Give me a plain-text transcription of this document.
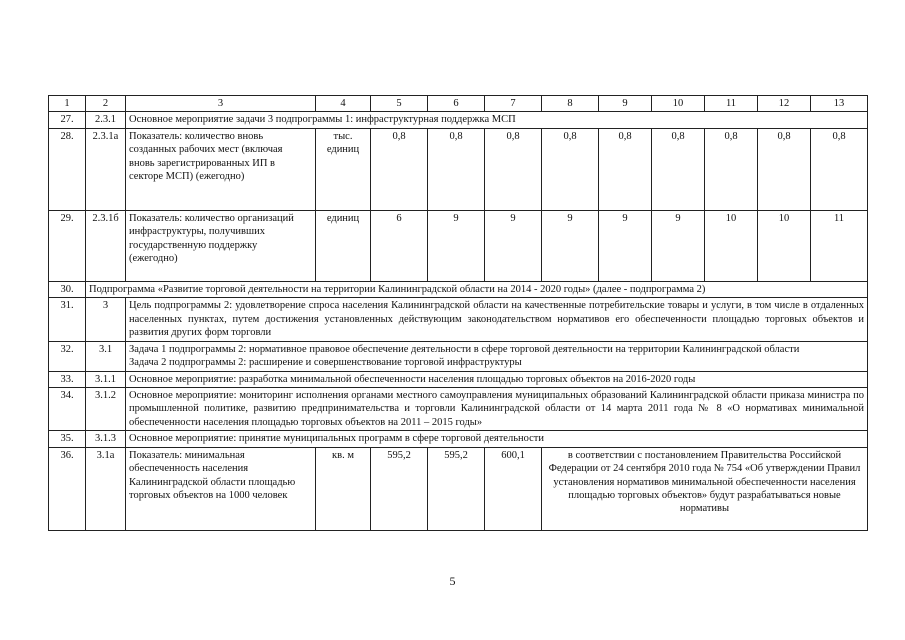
1	2	3	4	5	6	7	8	9	10	11	12	13
27.	2.3.1	Основное мероприятие задачи 3 подпрограммы 1: инфраструктурная поддержка МСП										
28.	2.3.1а	Показатель: количество вновь созданных рабочих мест (включая вновь зарегистрированных ИП в секторе МСП) (ежегодно)	тыс. единиц	0,8	0,8	0,8	0,8	0,8	0,8	0,8	0,8	0,8
29.	2.3.1б	Показатель: количество организаций инфраструктуры, получивших государственную поддержку (ежегодно)	единиц	6	9	9	9	9	9	10	10	11
30.	Подпрограмма «Развитие торговой деятельности на территории Калининградской области на 2014 - 2020 годы» (далее - подпрограмма 2)											
31.	3	Цель подпрограммы 2: удовлетворение спроса населения Калининградской области на качественные потребительские товары и услуги, в том числе в отдаленных населенных пунктах, путем достижения установленных действующим законодательством нормативов его обеспеченности площадью торговых объектов и развития других форм торговли										
32.	3.1	Задача 1 подпрограммы 2: нормативное правовое обеспечение деятельности в сфере торговой деятельности на территории Калининградской области
Задача 2 подпрограммы 2: расширение и совершенствование торговой инфраструктуры										

33.	3.1.1	Основное мероприятие: разработка минимальной обеспеченности населения площадью торговых объектов на 2016-2020 годы										
34.	3.1.2	Основное мероприятие: мониторинг исполнения органами местного самоуправления муниципальных образований Калининградской области приказа министра по промышленной политике, развитию предпринимательства и торговли Калининградской области от 14 марта 2011 года № 8 «О нормативах минимальной обеспеченности населения площадью торговых объектов на 2011 – 2015 годы»										
35.	3.1.3	Основное мероприятие: принятие муниципальных программ в сфере торговой деятельности										
36.	3.1а	Показатель: минимальная обеспеченность населения Калининградской области площадью торговых объектов на 1000 человек	кв. м	595,2	595,2	600,1	в соответствии с постановлением Правительства Российской Федерации от 24 сентября 2010 года № 754 «Об утверждении Правил установления нормативов минимальной обеспеченности населения площадью торговых объектов» будут разрабатываться новые нормативы					
5
